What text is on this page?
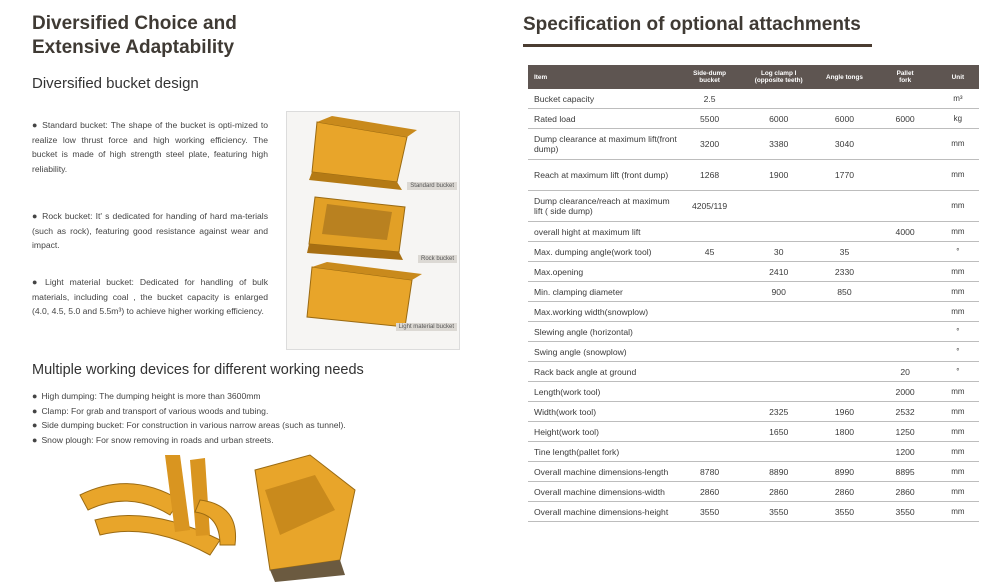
Diversified Choice and
Extensive Adaptability
Diversified bucket design
● Standard bucket: The shape of the bucket is opti-mized to realize low thrust force and high working efficiency. The bucket is made of high strength steel plate, featuring high reliability.
● Rock bucket: It' s dedicated for handing of hard ma-terials (such as rock), featuring good resistance against wear and impact.
● Light material bucket: Dedicated for handling of bulk materials, including coal , the bucket capacity is enlarged (4.0, 4.5, 5.0 and 5.5m³) to achieve higher working efficiency.
Standard bucket
Rock bucket
Light material bucket
Multiple working devices for different working needs
● High dumping: The dumping height is more than 3600mm
● Clamp: For grab and transport of various woods and tubing.
● Side dumping bucket: For construction in various narrow areas (such as tunnel).
● Snow plough: For snow removing in roads and urban streets.
Specification of optional attachments
Item	Side-dump
bucket	Log clamp I
(opposite teeth)	Angle tongs	Pallet
fork	Unit
Bucket capacity	2.5				m³
Rated load	5500	6000	6000	6000	kg
Dump clearance at maximum lift(front dump)	3200	3380	3040		mm
Reach at maximum lift (front dump)	1268	1900	1770		mm
Dump clearance/reach at maximum lift ( side dump)	4205/119				mm
overall hight at maximum lift				4000	mm
Max. dumping angle(work tool)	45	30	35		°
Max.opening		2410	2330		mm
Min. clamping diameter		900	850		mm
Max.working width(snowplow)					mm
Slewing angle (horizontal)					°
Swing angle (snowplow)					°
Rack back angle at ground				20	°
Length(work tool)				2000	mm
Width(work tool)		2325	1960	2532	mm
Height(work tool)		1650	1800	1250	mm
Tine length(pallet fork)				1200	mm
Overall machine dimensions-length	8780	8890	8990	8895	mm
Overall machine dimensions-width	2860	2860	2860	2860	mm
Overall machine dimensions-height	3550	3550	3550	3550	mm
